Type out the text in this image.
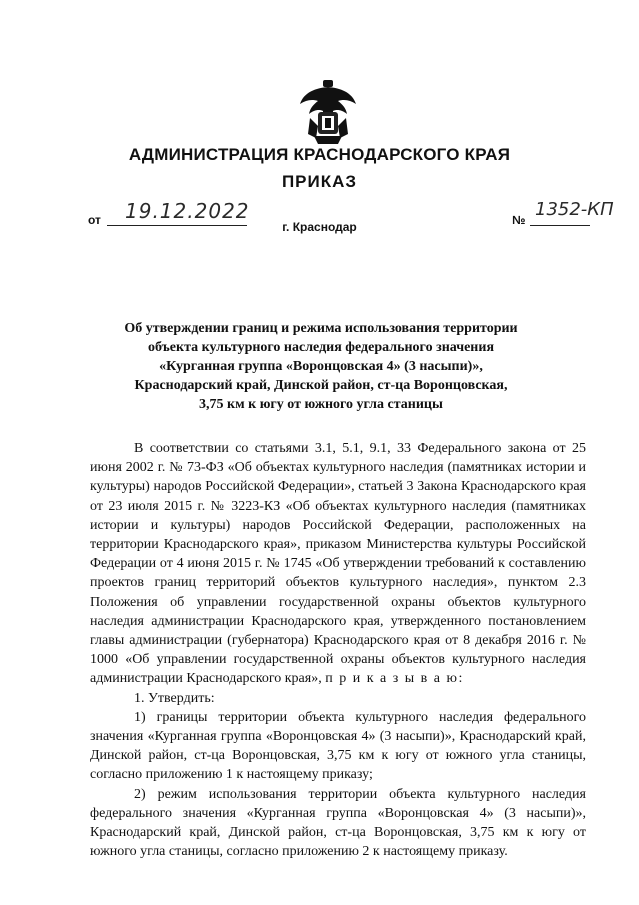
АДМИНИСТРАЦИЯ КРАСНОДАРСКОГО КРАЯ
ПРИКАЗ
от 19.12.2022	№ 1352-КП
г. Краснодар
Об утверждении границ и режима использования территории
объекта культурного наследия федерального значения
«Курганная группа «Воронцовская 4» (3 насыпи)»,
Краснодарский край, Динской район, ст-ца Воронцовская,
3,75 км к югу от южного угла станицы

В соответствии со статьями 3.1, 5.1, 9.1, 33 Федерального закона от 25 июня 2002 г. № 73-ФЗ «Об объектах культурного наследия (памятниках истории и культуры) народов Российской Федерации», статьей 3 Закона Краснодарского края от 23 июля 2015 г. № 3223-КЗ «Об объектах культурного наследия (памятниках истории и культуры) народов Российской Федерации, расположенных на территории Краснодарского края», приказом Министерства культуры Российской Федерации от 4 июня 2015 г. № 1745 «Об утверждении требований к составлению проектов границ территорий объектов культурного наследия», пунктом 2.3 Положения об управлении государственной охраны объектов культурного наследия администрации Краснодарского края, утвержденного постановлением главы администрации (губернатора) Краснодарского края от 8 декабря 2016 г. № 1000 «Об управлении государственной охраны объектов культурного наследия администрации Краснодарского края», п р и к а з ы в а ю:

1. Утвердить:

1) границы территории объекта культурного наследия федерального значения «Курганная группа «Воронцовская 4» (3 насыпи)», Краснодарский край, Динской район, ст-ца Воронцовская, 3,75 км к югу от южного угла станицы, согласно приложению 1 к настоящему приказу;

2) режим использования территории объекта культурного наследия федерального значения «Курганная группа «Воронцовская 4» (3 насыпи)», Краснодарский край, Динской район, ст-ца Воронцовская, 3,75 км к югу от южного угла станицы, согласно приложению 2 к настоящему приказу.
